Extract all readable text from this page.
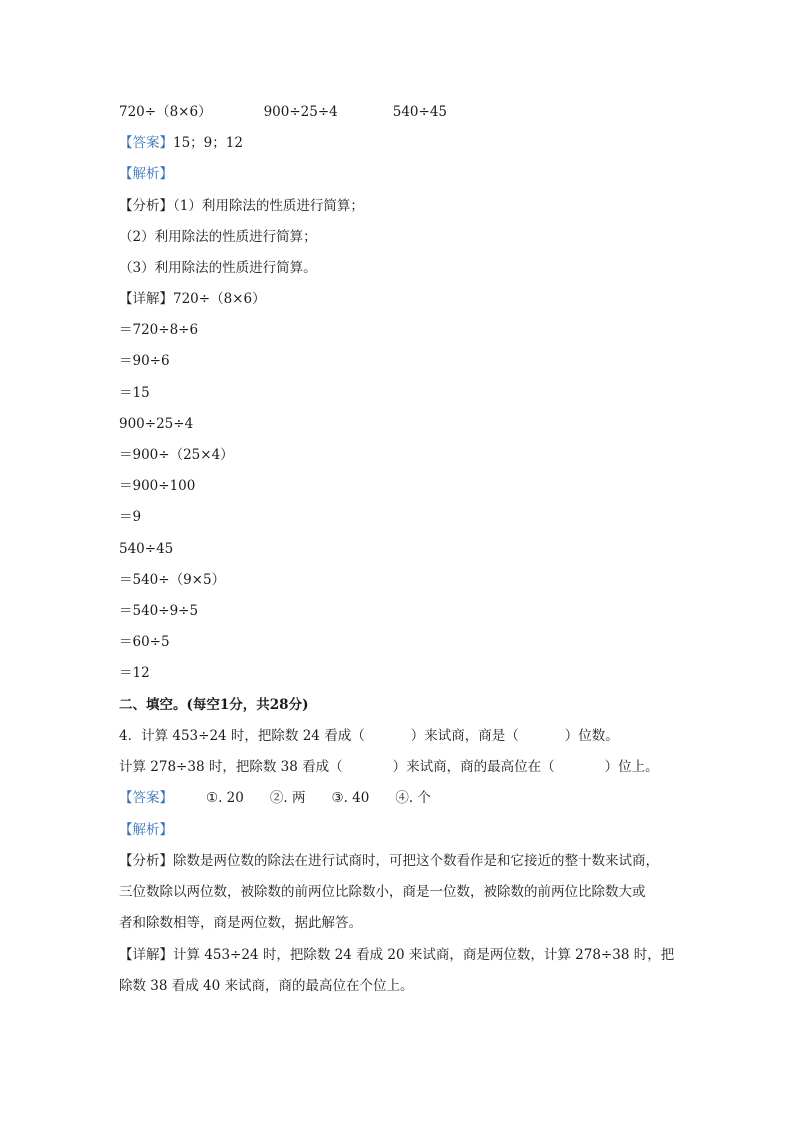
720÷（8×6）	900÷25÷4	540÷45
【答案】15；9；12
【解析】
【分析】（1）利用除法的性质进行简算；
（2）利用除法的性质进行简算；
（3）利用除法的性质进行简算。
【详解】720÷（8×6）
＝720÷8÷6
＝90÷6
＝15
900÷25÷4
＝900÷（25×4）
＝900÷100
＝9
540÷45
＝540÷（9×5）
＝540÷9÷5
＝60÷5
＝12
二、填空。(每空1分，共28分)
4．计算 453÷24 时，把除数 24 看成（	）来试商，商是（	）位数。
计算 278÷38 时，把除数 38 看成（	）来试商，商的最高位在（	）位上。
【答案】 ①. 20 ②. 两 ③. 40 ④. 个
【解析】
【分析】除数是两位数的除法在进行试商时，可把这个数看作是和它接近的整十数来试商，
三位数除以两位数，被除数的前两位比除数小，商是一位数，被除数的前两位比除数大或
者和除数相等，商是两位数，据此解答。
【详解】计算 453÷24 时，把除数 24 看成 20 来试商，商是两位数，计算 278÷38 时，把
除数 38 看成 40 来试商，商的最高位在个位上。
